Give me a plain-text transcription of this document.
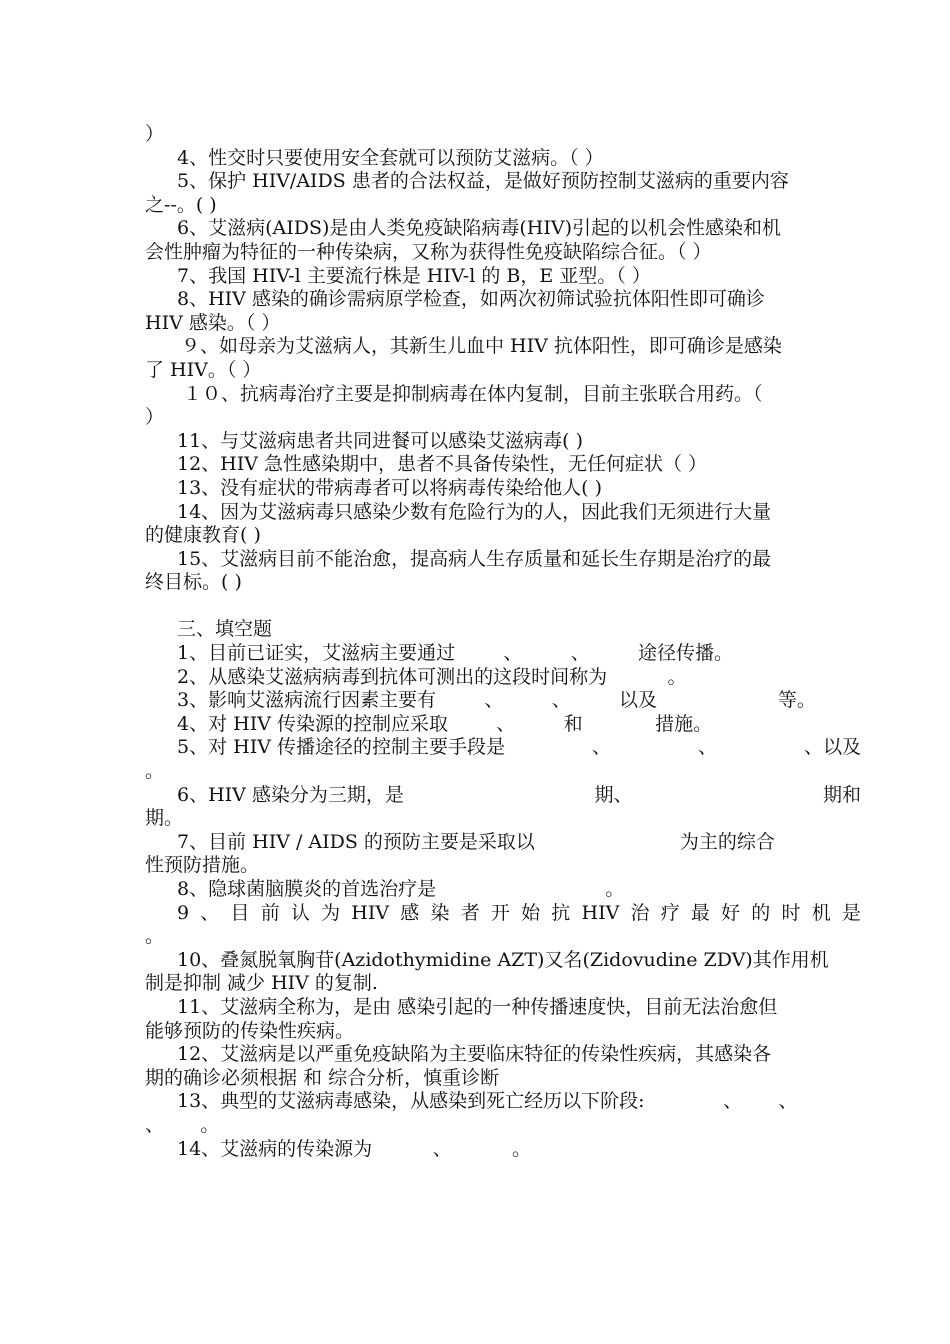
）
4、性交时只要使用安全套就可以预防艾滋病。（ ）
5、保护 HIV/AIDS 患者的合法权益，是做好预防控制艾滋病的重要内容
之--。( )
6、艾滋病(AIDS)是由人类免疫缺陷病毒(HIV)引起的以机会性感染和机
会性肿瘤为特征的一种传染病，又称为获得性免疫缺陷综合征。（ ）
7、我国 HIV-l 主要流行株是 HIV-l 的 B，E 亚型。（ ）
8、HIV 感染的确诊需病原学检查，如两次初筛试验抗体阳性即可确诊
HIV 感染。（ ）
９、如母亲为艾滋病人，其新生儿血中 HIV 抗体阳性，即可确诊是感染
了 HIV。（ ）
１０、抗病毒治疗主要是抑制病毒在体内复制，目前主张联合用药。（
）
11、与艾滋病患者共同进餐可以感染艾滋病毒( )
12、HIV 急性感染期中，患者不具备传染性，无任何症状（ ）
13、没有症状的带病毒者可以将病毒传染给他人( )
14、因为艾滋病毒只感染少数有危险行为的人，因此我们无须进行大量
的健康教育( )
15、艾滋病目前不能治愈，提高病人生存质量和延长生存期是治疗的最
终目标。( )
三、填空题
1、目前已证实，艾滋病主要通过        、        、        途径传播。
2、从感染艾滋病病毒到抗体可测出的这段时间称为          。
3、影响艾滋病流行因素主要有        、        、        以及                    等。
4、对 HIV 传染源的控制应采取        、        和            措施。
5、对 HIV 传播途径的控制主要手段是	、	、	、以及
。
6、HIV 感染分为三期，是	期、	期和
期。
7、目前 HIV / AIDS 的预防主要是采取以                        为主的综合
性预防措施。
8、隐球菌脑膜炎的首选治疗是                            。
9 、 目 前 认 为 HIV 感 染 者 开 始 抗 HIV 治 疗 最 好 的 时 机 是
。
10、叠氮脱氧胸苷(Azidothymidine AZT)又名(Zidovudine ZDV)其作用机
制是抑制 减少 HIV 的复制.
11、艾滋病全称为，是由 感染引起的一种传播速度快，目前无法治愈但
能够预防的传染性疾病。
12、艾滋病是以严重免疫缺陷为主要临床特征的传染性疾病，其感染各
期的确诊必须根据 和 综合分析，慎重诊断
13、典型的艾滋病毒感染，从感染到死亡经历以下阶段:             、      、
、      。
14、艾滋病的传染源为          、          。
